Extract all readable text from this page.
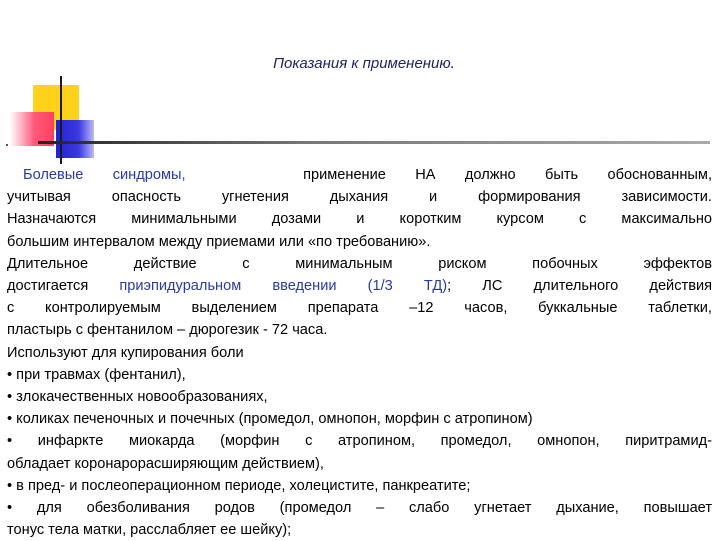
Показания к применению.

Болевые синдромы,	применение НА должно быть обоснованным,

учитывая опасность угнетения дыхания и формирования зависимости.

Назначаются минимальными дозами и коротким курсом с максимально

большим интервалом между приемами или «по требованию».

Длительное действие с минимальным риском побочных эффектов

достигается приэпидуральном введении (1/3 ТД); ЛС длительного действия

с контролируемым выделением препарата –12 часов, буккальные таблетки,

пластырь с фентанилом – дюрогезик - 72 часа.

Используют для купирования боли

• при травмах (фентанил),

• злокачественных новообразованиях,

• коликах печеночных и почечных (промедол, омнопон, морфин с атропином)

• инфаркте миокарда (морфин с атропином, промедол, омнопон, пиритрамид-

обладает коронарорасширяющим действием),

• в пред- и послеоперационном периоде, холецистите, панкреатите;

• для обезболивания родов (промедол – слабо угнетает дыхание, повышает

тонус тела матки, расслабляет ее шейку);
